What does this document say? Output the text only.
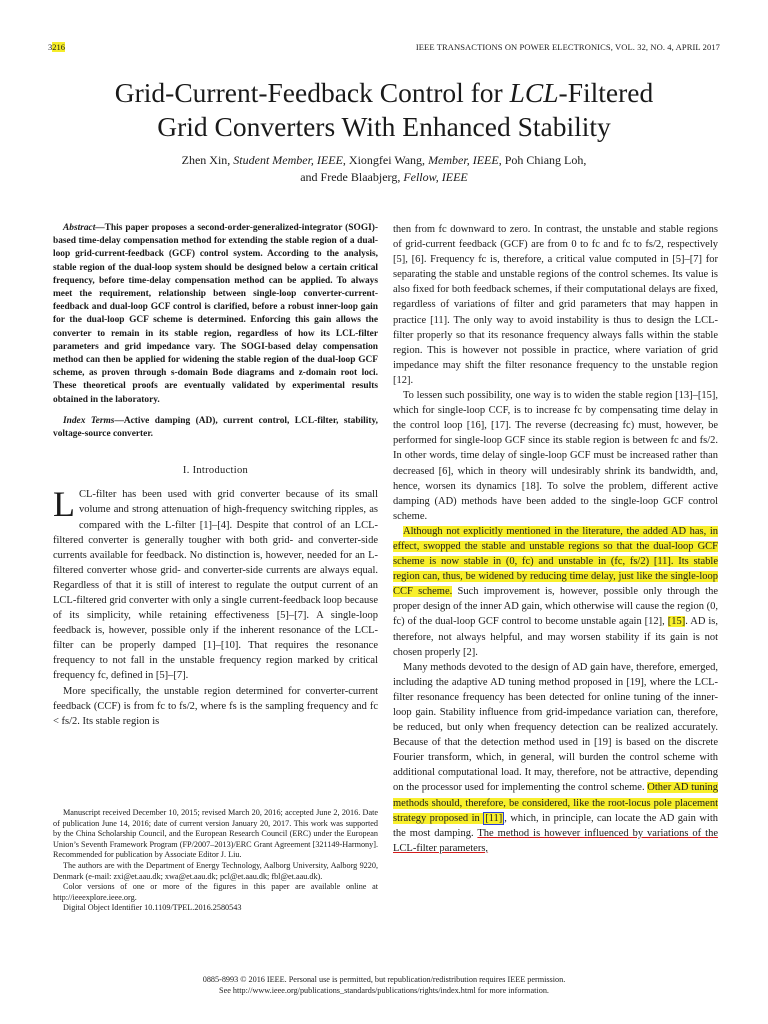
3216	IEEE TRANSACTIONS ON POWER ELECTRONICS, VOL. 32, NO. 4, APRIL 2017
Grid-Current-Feedback Control for LCL-Filtered
Grid Converters With Enhanced Stability
Zhen Xin, Student Member, IEEE, Xiongfei Wang, Member, IEEE, Poh Chiang Loh,
and Frede Blaabjerg, Fellow, IEEE

Abstract—This paper proposes a second-order-generalized-integrator (SOGI)-based time-delay compensation method for extending the stable region of a dual-loop grid-current-feedback (GCF) control system. According to the analysis, stable region of the dual-loop system should be designed below a certain critical frequency, before time-delay compensation method can be applied. To always meet the requirement, relationship between single-loop converter-current-feedback and dual-loop GCF control is clarified, before a robust inner-loop gain for the dual-loop GCF scheme is determined. Enforcing this gain allows the converter to remain in its stable region, regardless of how its LCL-filter parameters and grid impedance vary. The SOGI-based delay compensation method can then be applied for widening the stable region of the dual-loop GCF scheme, as proven through s-domain Bode diagrams and z-domain root loci. These theoretical proofs are eventually validated by experimental results obtained in the laboratory.

Index Terms—Active damping (AD), current control, LCL-filter, stability, voltage-source converter.

I. Introduction

LCL-filter has been used with grid converter because of its small volume and strong attenuation of high-frequency switching ripples, as compared with the L-filter [1]–[4]. Despite that control of an LCL-filtered converter is generally tougher with both grid- and converter-side currents available for feedback. No distinction is, however, needed for an L-filtered converter whose grid- and converter-side currents are always equal. Regardless of that it is still of interest to regulate the output current of an LCL-filtered grid converter with only a single current-feedback loop because of its simplicity, while retaining effectiveness [5]–[7]. A single-loop feedback is, however, possible only if the inherent resonance of the LCL-filter can be properly damped [1]–[10]. That requires the resonance frequency to not fall in the unstable frequency region marked by critical frequency fc, defined in [5]–[7].

More specifically, the unstable region determined for converter-current feedback (CCF) is from fc to fs/2, where fs is the sampling frequency and fc < fs/2. Its stable region is

Manuscript received December 10, 2015; revised March 20, 2016; accepted June 2, 2016. Date of publication June 14, 2016; date of current version January 20, 2017. This work was supported by the China Scholarship Council, and the European Research Council (ERC) under the European Union’s Seventh Framework Program (FP/2007–2013)/ERC Grant Agreement [321149-Harmony]. Recommended for publication by Associate Editor J. Liu.

The authors are with the Department of Energy Technology, Aalborg University, Aalborg 9220, Denmark (e-mail: zxi@et.aau.dk; xwa@et.aau.dk; pcl@et.aau.dk; fbl@et.aau.dk).

Color versions of one or more of the figures in this paper are available online at http://ieeexplore.ieee.org.

Digital Object Identifier 10.1109/TPEL.2016.2580543

then from fc downward to zero. In contrast, the unstable and stable regions of grid-current feedback (GCF) are from 0 to fc and fc to fs/2, respectively [5], [6]. Frequency fc is, therefore, a critical value computed in [5]–[7] for separating the stable and unstable regions of the control schemes. Its value is also fixed for both feedback schemes, if their computational delays are fixed, regardless of variations of filter and grid parameters that may happen in practice [11]. The only way to avoid instability is thus to design the LCL-filter properly so that its resonance frequency always falls within the stable region. This is however not possible in practice, where variation of grid impedance may shift the filter resonance frequency to the unstable region [12].

To lessen such possibility, one way is to widen the stable region [13]–[15], which for single-loop CCF, is to increase fc by compensating time delay in the control loop [16], [17]. The reverse (decreasing fc) must, however, be performed for single-loop GCF since its stable region is between fc and fs/2. In other words, time delay of single-loop GCF must be increased rather than decreased [6], which in theory will undesirably shrink its bandwidth, and, hence, worsen its dynamics [18]. To solve the problem, different active damping (AD) methods have been added to the single-loop GCF control scheme.

Although not explicitly mentioned in the literature, the added AD has, in effect, swopped the stable and unstable regions so that the dual-loop GCF scheme is now stable in (0, fc) and unstable in (fc, fs/2) [11]. Its stable region can, thus, be widened by reducing time delay, just like the single-loop CCF scheme. Such improvement is, however, possible only through the proper design of the inner AD gain, which otherwise will cause the region (0, fc) of the dual-loop GCF control to become unstable again [12], [15]. AD is, therefore, not always helpful, and may worsen stability if its gain is not chosen properly [2].

Many methods devoted to the design of AD gain have, therefore, emerged, including the adaptive AD tuning method proposed in [19], where the LCL-filter resonance frequency has been detected for online tuning of the inner-loop gain. Stability influence from grid-impedance variation can, therefore, be reduced, but only when frequency detection can be realized accurately. Because of that the detection method used in [19] is based on the discrete Fourier transform, which, in general, will burden the control scheme with additional computational load. It may, therefore, not be attractive, depending on the processor used for implementing the control scheme. Other AD tuning methods should, therefore, be considered, like the root-locus pole placement strategy proposed in [11] , which, in principle, can locate the AD gain with the most damping. The method is however influenced by variations of the LCL-filter parameters,

0885-8993 © 2016 IEEE. Personal use is permitted, but republication/redistribution requires IEEE permission.
See http://www.ieee.org/publications_standards/publications/rights/index.html for more information.
